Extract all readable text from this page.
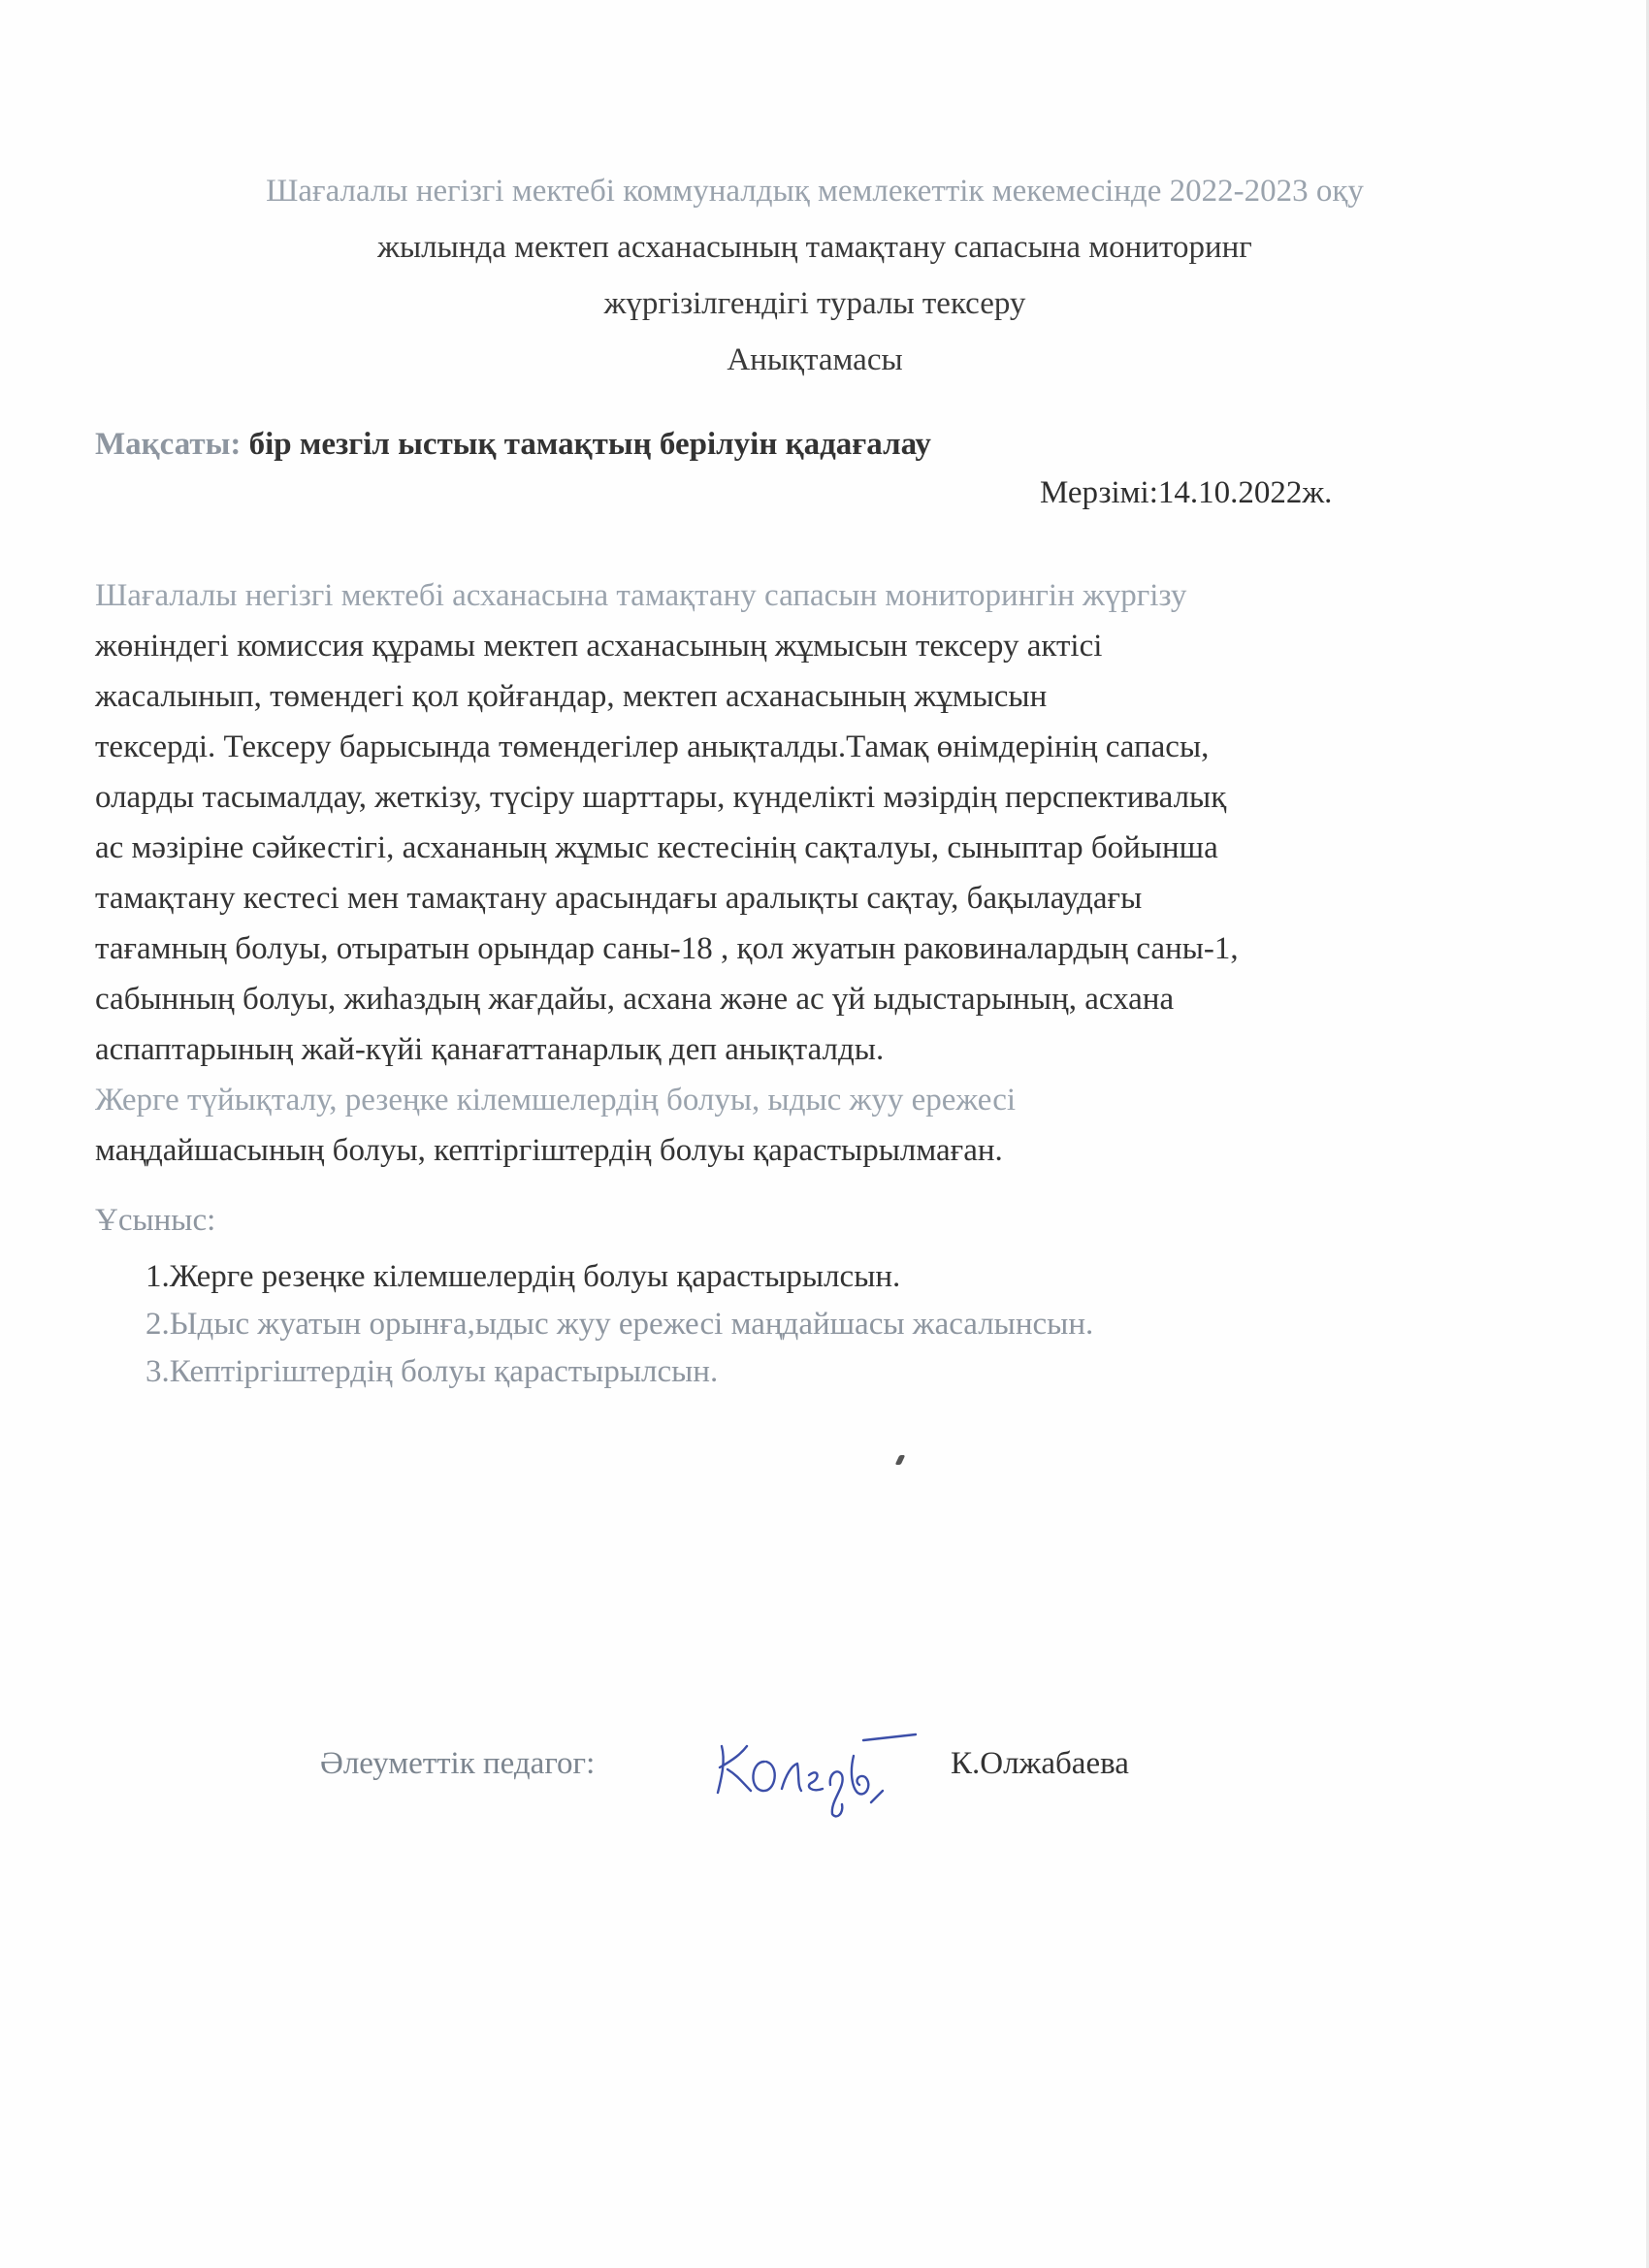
Шағалалы негізгі мектебі коммуналдық мемлекеттік мекемесінде 2022-2023 оқу
жылында мектеп асханасының тамақтану сапасына мониторинг
жүргізілгендігі туралы тексеру
Анықтамасы
Мақсаты: бір мезгіл ыстық тамақтың берілуін қадағалау
Мерзімі:14.10.2022ж.
Шағалалы негізгі мектебі асханасына тамақтану сапасын мониторингін жүргізу
жөніндегі комиссия құрамы мектеп асханасының жұмысын тексеру актісі
жасалынып, төмендегі қол қойғандар, мектеп асханасының жұмысын
тексерді. Тексеру барысында төмендегілер анықталды.Тамақ өнімдерінің сапасы,
оларды тасымалдау, жеткізу, түсіру шарттары, күнделікті мәзірдің перспективалық
ас мәзіріне сәйкестігі, асхананың жұмыс кестесінің сақталуы, сыныптар бойынша
тамақтану кестесі мен тамақтану арасындағы аралықты сақтау, бақылаудағы
тағамның болуы, отыратын орындар саны-18 , қол жуатын раковиналардың саны-1,
сабынның болуы, жиһаздың жағдайы, асхана және ас үй ыдыстарының, асхана
аспаптарының жай-күйі қанағаттанарлық деп анықталды.
Жерге түйықталу, резеңке кілемшелердің болуы, ыдыс жуу ережесі
маңдайшасының болуы, кептіргіштердің болуы қарастырылмаған.
Ұсыныс:
1.Жерге резеңке кілемшелердің болуы қарастырылсын.
2.Ыдыс жуатын орынға,ыдыс жуу ережесі маңдайшасы жасалынсын.
3.Кептіргіштердің болуы қарастырылсын.
Әлеуметтік педагог:	К.Олжабаева
